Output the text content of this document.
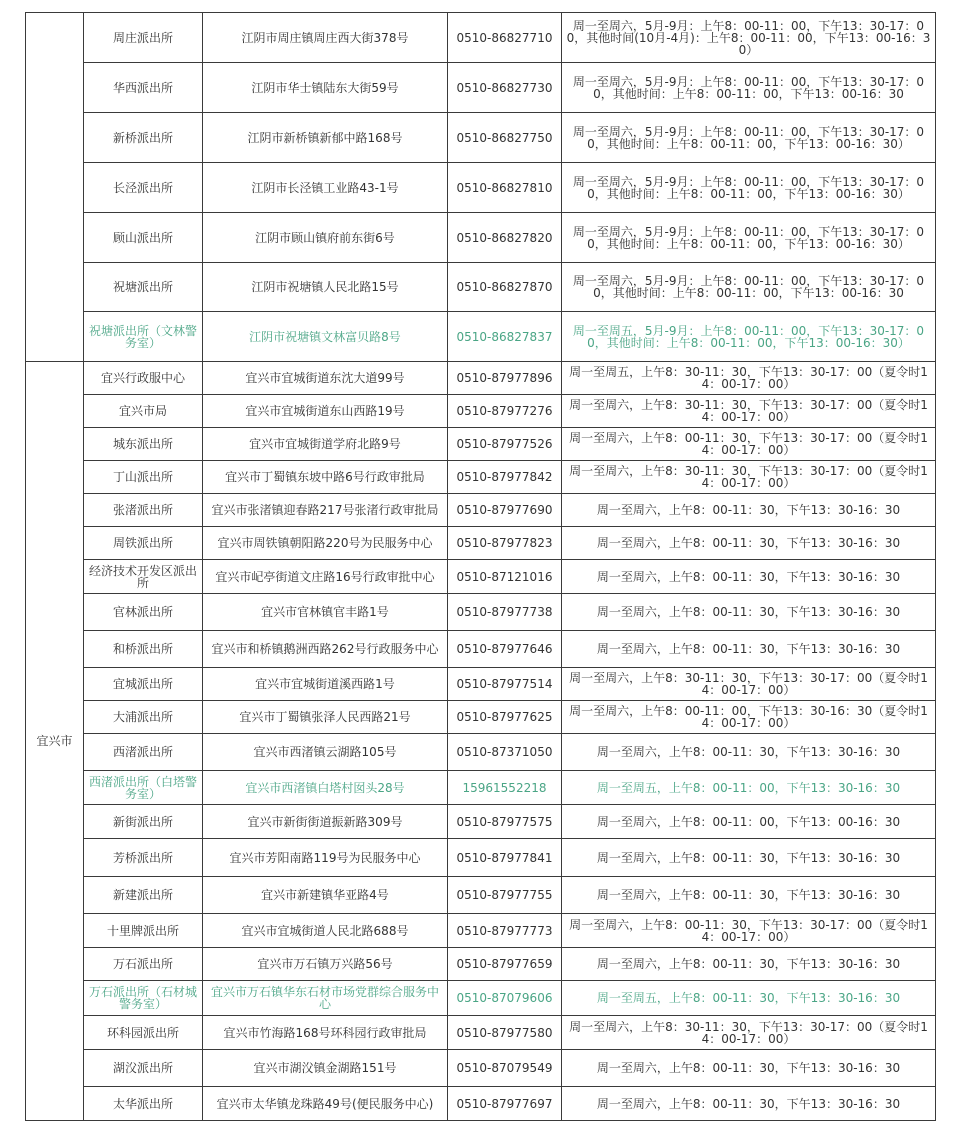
	周庄派出所	江阴市周庄镇周庄西大街378号	0510-86827710	周一至周六，5月-9月：上午8：00-11：00，下午13：30-17：00，其他时间(10月-4月)：上午8：00-11：00，下午13：00-16：30）
	华西派出所	江阴市华士镇陆东大街59号	0510-86827730	周一至周六，5月-9月：上午8：00-11：00，下午13：30-17：00，其他时间：上午8：00-11：00，下午13：00-16：30
	新桥派出所	江阴市新桥镇新郁中路168号	0510-86827750	周一至周六，5月-9月：上午8：00-11：00，下午13：30-17：00，其他时间：上午8：00-11：00，下午13：00-16：30）
	长泾派出所	江阴市长泾镇工业路43-1号	0510-86827810	周一至周六，5月-9月：上午8：00-11：00，下午13：30-17：00，其他时间：上午8：00-11：00，下午13：00-16：30）
	顾山派出所	江阴市顾山镇府前东街6号	0510-86827820	周一至周六，5月-9月：上午8：00-11：00，下午13：30-17：00，其他时间：上午8：00-11：00，下午13：00-16：30）
	祝塘派出所	江阴市祝塘镇人民北路15号	0510-86827870	周一至周六，5月-9月：上午8：00-11：00，下午13：30-17：00，其他时间：上午8：00-11：00，下午13：00-16：30
	祝塘派出所（文林警务室）	江阴市祝塘镇文林富贝路8号	0510-86827837	周一至周五，5月-9月：上午8：00-11：00，下午13：30-17：00，其他时间：上午8：00-11：00，下午13：00-16：30）
宜兴市	宜兴行政服中心	宜兴市宜城街道东沈大道99号	0510-87977896	周一至周五，上午8：30-11：30，下午13：30-17：00（夏令时14：00-17：00）
	宜兴市局	宜兴市宜城街道东山西路19号	0510-87977276	周一至周六，上午8：30-11：30，下午13：30-17：00（夏令时14：00-17：00）
	城东派出所	宜兴市宜城街道学府北路9号	0510-87977526	周一至周六，上午8：00-11：30，下午13：30-17：00（夏令时14：00-17：00）
	丁山派出所	宜兴市丁蜀镇东坡中路6号行政审批局	0510-87977842	周一至周六，上午8：30-11：30，下午13：30-17：00（夏令时14：00-17：00）
	张渚派出所	宜兴市张渚镇迎春路217号张渚行政审批局	0510-87977690	周一至周六，上午8：00-11：30，下午13：30-16：30
	周铁派出所	宜兴市周铁镇朝阳路220号为民服务中心	0510-87977823	周一至周六，上午8：00-11：30，下午13：30-16：30
	经济技术开发区派出所	宜兴市屺亭街道文庄路16号行政审批中心	0510-87121016	周一至周六，上午8：00-11：30，下午13：30-16：30
	官林派出所	宜兴市官林镇官丰路1号	0510-87977738	周一至周六，上午8：00-11：30，下午13：30-16：30
	和桥派出所	宜兴市和桥镇鹅洲西路262号行政服务中心	0510-87977646	周一至周六，上午8：00-11：30，下午13：30-16：30
	宜城派出所	宜兴市宜城街道溪西路1号	0510-87977514	周一至周六，上午8：30-11：30，下午13：30-17：00（夏令时14：00-17：00）
	大浦派出所	宜兴市丁蜀镇张泽人民西路21号	0510-87977625	周一至周六，上午8：00-11：00，下午13：30-16：30（夏令时14：00-17：00）
	西渚派出所	宜兴市西渚镇云湖路105号	0510-87371050	周一至周六，上午8：00-11：30，下午13：30-16：30
	西渚派出所（白塔警务室）	宜兴市西渚镇白塔村囡头28号	15961552218	周一至周五，上午8：00-11：00，下午13：30-16：30
	新街派出所	宜兴市新街街道振新路309号	0510-87977575	周一至周六，上午8：00-11：00，下午13：00-16：30
	芳桥派出所	宜兴市芳阳南路119号为民服务中心	0510-87977841	周一至周六，上午8：00-11：30，下午13：30-16：30
	新建派出所	宜兴市新建镇华亚路4号	0510-87977755	周一至周六，上午8：00-11：30，下午13：30-16：30
	十里牌派出所	宜兴市宜城街道人民北路688号	0510-87977773	周一至周六，上午8：00-11：30，下午13：30-17：00（夏令时14：00-17：00）
	万石派出所	宜兴市万石镇万兴路56号	0510-87977659	周一至周六，上午8：00-11：30，下午13：30-16：30
	万石派出所（石材城警务室）	宜兴市万石镇华东石材市场党群综合服务中心	0510-87079606	周一至周五，上午8：00-11：30，下午13：30-16：30
	环科园派出所	宜兴市竹海路168号环科园行政审批局	0510-87977580	周一至周六，上午8：30-11：30，下午13：30-17：00（夏令时14：00-17：00）
	湖㳇派出所	宜兴市湖㳇镇金湖路151号	0510-87079549	周一至周六，上午8：00-11：30，下午13：30-16：30
	太华派出所	宜兴市太华镇龙珠路49号(便民服务中心)	0510-87977697	周一至周六，上午8：00-11：30，下午13：30-16：30
